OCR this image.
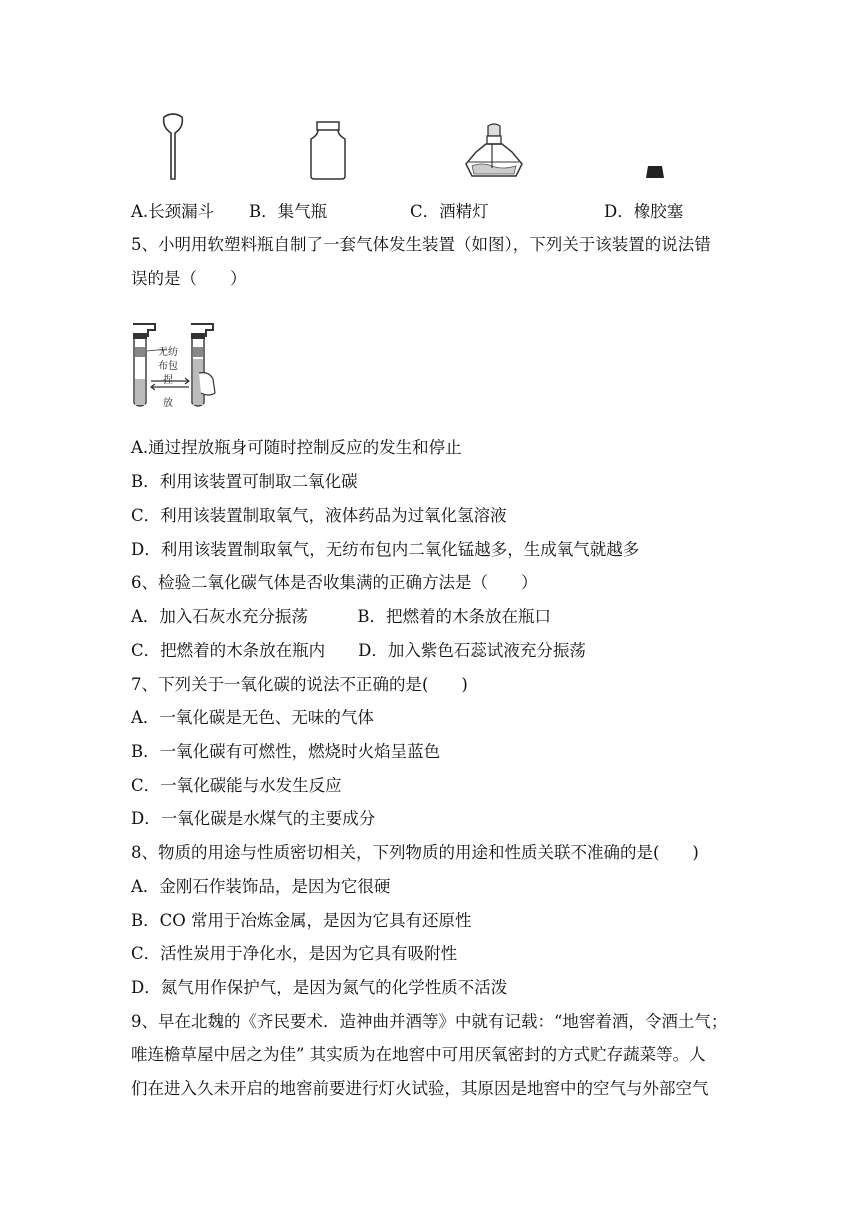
A.长颈漏斗 B．集气瓶	C．酒精灯	D．橡胶塞
5、小明用软塑料瓶自制了一套气体发生装置（如图），下列关于该装置的说法错
误的是（　　）
无纺
布包
捏
放
A.通过捏放瓶身可随时控制反应的发生和停止
B．利用该装置可制取二氧化碳
C．利用该装置制取氧气，液体药品为过氧化氢溶液
D．利用该装置制取氧气，无纺布包内二氧化锰越多，生成氧气就越多
6、检验二氧化碳气体是否收集满的正确方法是（　　）
A．加入石灰水充分振荡　　　B．把燃着的木条放在瓶口
C．把燃着的木条放在瓶内　　D．加入紫色石蕊试液充分振荡
7、下列关于一氧化碳的说法不正确的是(　　)
A．一氧化碳是无色、无味的气体
B．一氧化碳有可燃性，燃烧时火焰呈蓝色
C．一氧化碳能与水发生反应
D．一氧化碳是水煤气的主要成分
8、物质的用途与性质密切相关，下列物质的用途和性质关联不准确的是(　　)
A．金刚石作装饰品，是因为它很硬
B．CO 常用于冶炼金属，是因为它具有还原性
C．活性炭用于净化水，是因为它具有吸附性
D．氮气用作保护气，是因为氮气的化学性质不活泼
9、早在北魏的《齐民要术．造神曲并酒等》中就有记载：“地窖着酒，令酒土气；
唯连檐草屋中居之为佳” 其实质为在地窖中可用厌氧密封的方式贮存蔬菜等。人
们在进入久未开启的地窖前要进行灯火试验，其原因是地窖中的空气与外部空气
